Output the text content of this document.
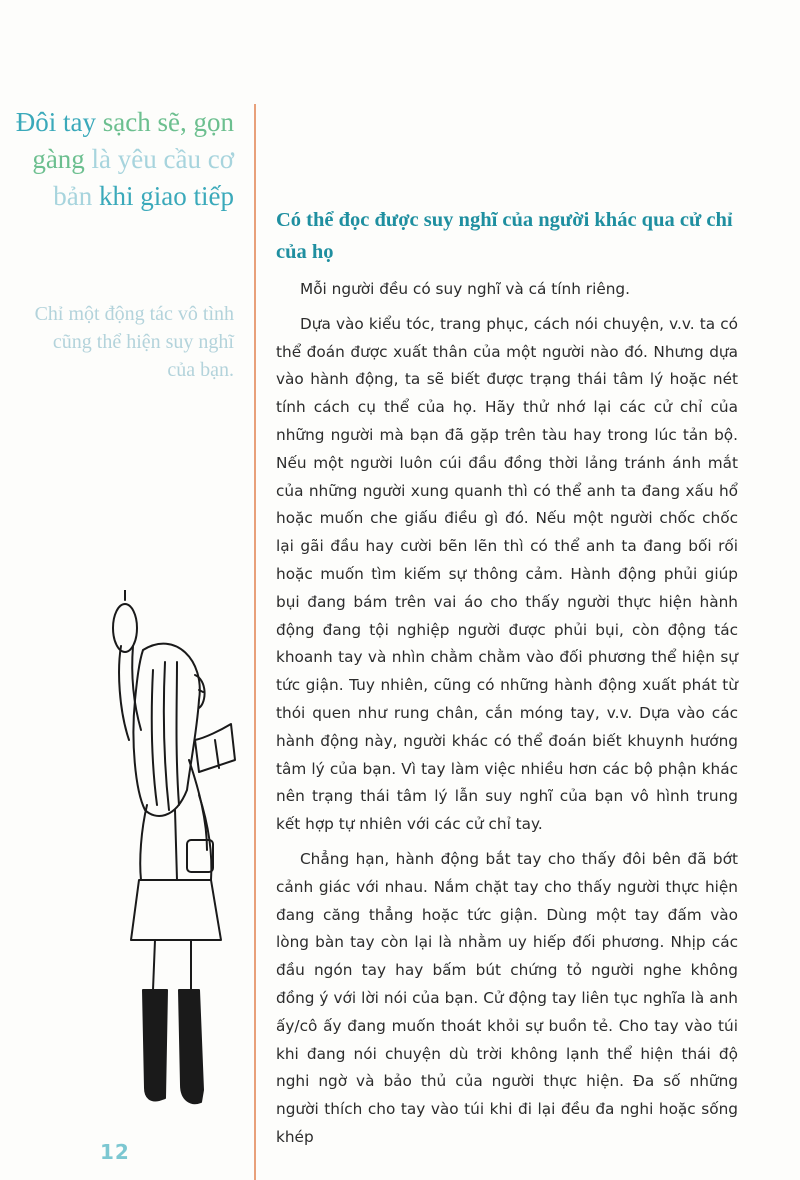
Đôi tay sạch sẽ, gọn gàng là yêu cầu cơ bản khi giao tiếp
Chỉ một động tác vô tình cũng thể hiện suy nghĩ của bạn.
Có thể đọc được suy nghĩ của người khác qua cử chỉ của họ

Mỗi người đều có suy nghĩ và cá tính riêng.

Dựa vào kiểu tóc, trang phục, cách nói chuyện, v.v. ta có thể đoán được xuất thân của một người nào đó. Nhưng dựa vào hành động, ta sẽ biết được trạng thái tâm lý hoặc nét tính cách cụ thể của họ. Hãy thử nhớ lại các cử chỉ của những người mà bạn đã gặp trên tàu hay trong lúc tản bộ. Nếu một người luôn cúi đầu đồng thời lảng tránh ánh mắt của những người xung quanh thì có thể anh ta đang xấu hổ hoặc muốn che giấu điều gì đó. Nếu một người chốc chốc lại gãi đầu hay cười bẽn lẽn thì có thể anh ta đang bối rối hoặc muốn tìm kiếm sự thông cảm. Hành động phủi giúp bụi đang bám trên vai áo cho thấy người thực hiện hành động đang tội nghiệp người được phủi bụi, còn động tác khoanh tay và nhìn chằm chằm vào đối phương thể hiện sự tức giận. Tuy nhiên, cũng có những hành động xuất phát từ thói quen như rung chân, cắn móng tay, v.v. Dựa vào các hành động này, người khác có thể đoán biết khuynh hướng tâm lý của bạn. Vì tay làm việc nhiều hơn các bộ phận khác nên trạng thái tâm lý lẫn suy nghĩ của bạn vô hình trung kết hợp tự nhiên với các cử chỉ tay.

Chẳng hạn, hành động bắt tay cho thấy đôi bên đã bớt cảnh giác với nhau. Nắm chặt tay cho thấy người thực hiện đang căng thẳng hoặc tức giận. Dùng một tay đấm vào lòng bàn tay còn lại là nhằm uy hiếp đối phương. Nhịp các đầu ngón tay hay bấm bút chứng tỏ người nghe không đồng ý với lời nói của bạn. Cử động tay liên tục nghĩa là anh ấy/cô ấy đang muốn thoát khỏi sự buồn tẻ. Cho tay vào túi khi đang nói chuyện dù trời không lạnh thể hiện thái độ nghi ngờ và bảo thủ của người thực hiện. Đa số những người thích cho tay vào túi khi đi lại đều đa nghi hoặc sống khép

12
